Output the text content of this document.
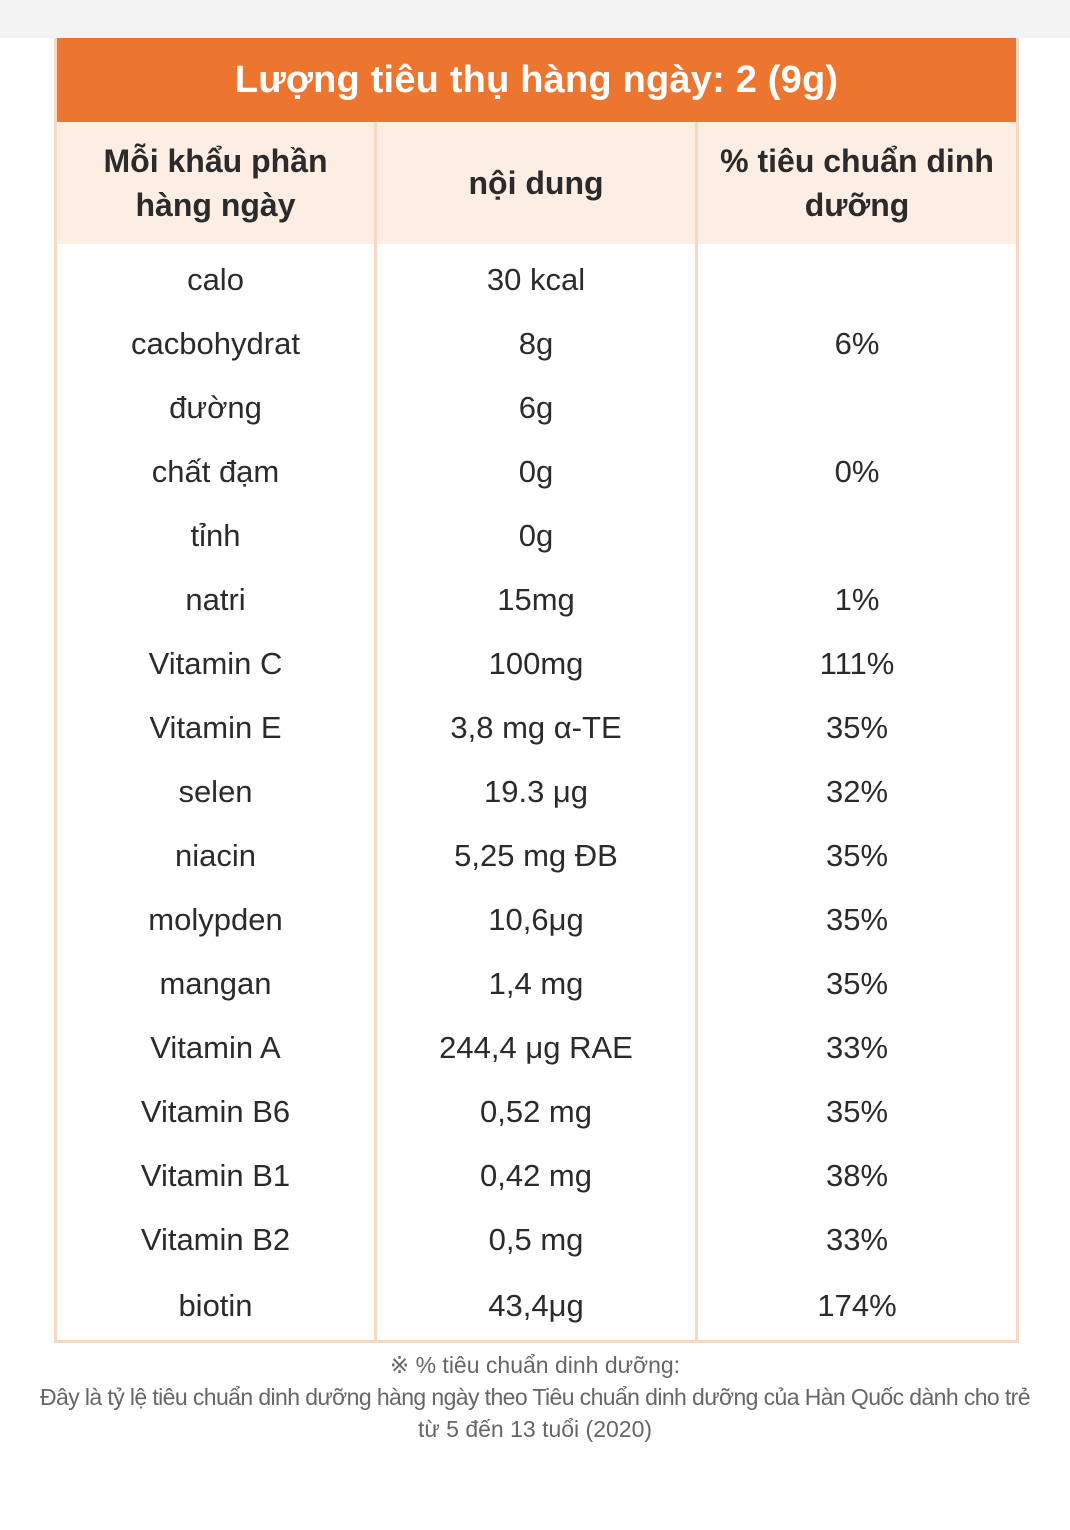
Lượng tiêu thụ hàng ngày: 2 (9g)		
Mỗi khẩu phần hàng ngày	nội dung	% tiêu chuẩn dinh dưỡng
calo	30 kcal	
cacbohydrat	8g	6%
đường	6g	
chất đạm	0g	0%
tỉnh	0g	
natri	15mg	1%
Vitamin C	100mg	111%
Vitamin E	3,8 mg α-TE	35%
selen	19.3 μg	32%
niacin	5,25 mg ĐB	35%
molypden	10,6μg	35%
mangan	1,4 mg	35%
Vitamin A	244,4 μg RAE	33%
Vitamin B6	0,52 mg	35%
Vitamin B1	0,42 mg	38%
Vitamin B2	0,5 mg	33%
biotin	43,4μg	174%
※ % tiêu chuẩn dinh dưỡng:
Đây là tỷ lệ tiêu chuẩn dinh dưỡng hàng ngày theo Tiêu chuẩn dinh dưỡng của Hàn Quốc dành cho trẻ
từ 5 đến 13 tuổi (2020)
